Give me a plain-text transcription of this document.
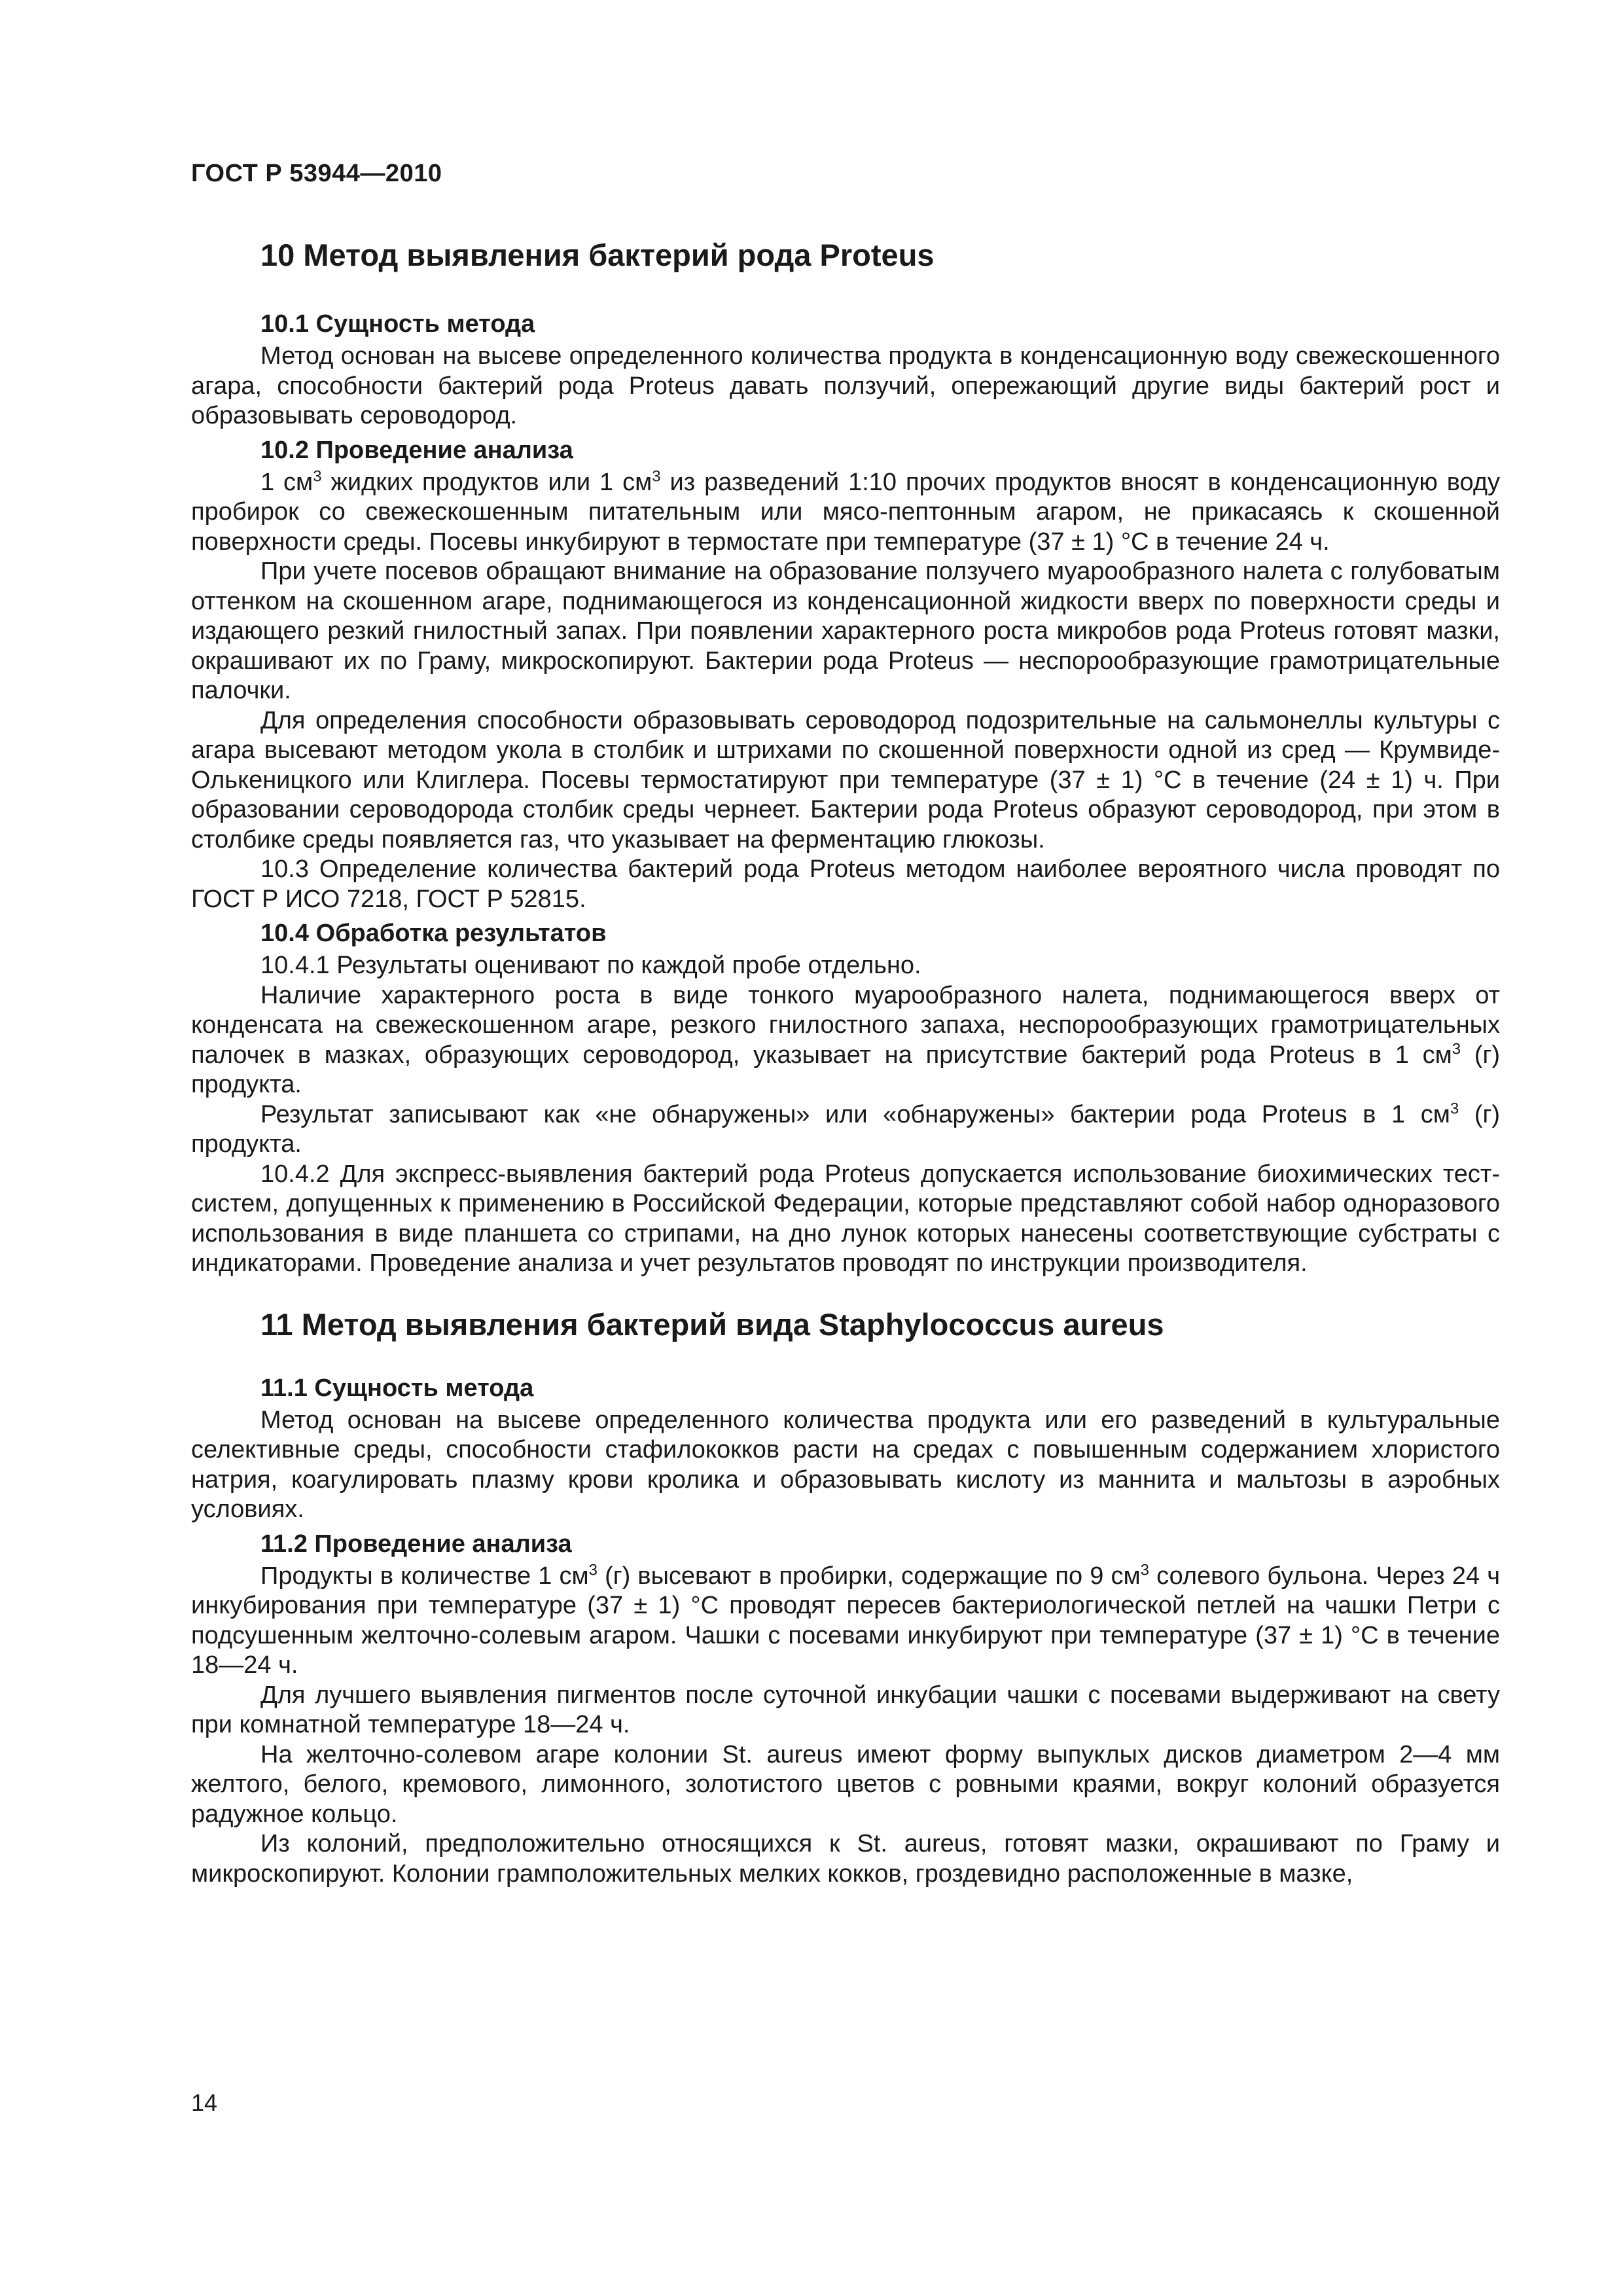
ГОСТ Р 53944—2010
10 Метод выявления бактерий рода Proteus
10.1 Сущность метода
Метод основан на высеве определенного количества продукта в конденсационную воду свежескошенного агара, способности бактерий рода Proteus давать ползучий, опережающий другие виды бактерий рост и образовывать сероводород.
10.2 Проведение анализа
1 $см^3$ жидких продуктов или 1 $см^3$ из разведений 1:10 прочих продуктов вносят в конденсационную воду пробирок со свежескошенным питательным или мясо-пептонным агаром, не прикасаясь к скошенной поверхности среды. Посевы инкубируют в термостате при температуре (37 ± 1) °С в течение 24 ч.
При учете посевов обращают внимание на образование ползучего муарообразного налета с голубоватым оттенком на скошенном агаре, поднимающегося из конденсационной жидкости вверх по поверхности среды и издающего резкий гнилостный запах. При появлении характерного роста микробов рода Proteus готовят мазки, окрашивают их по Граму, микроскопируют. Бактерии рода Proteus — неспорообразующие грамотрицательные палочки.
Для определения способности образовывать сероводород подозрительные на сальмонеллы культуры с агара высевают методом укола в столбик и штрихами по скошенной поверхности одной из сред — Крумвиде-Олькеницкого или Клиглера. Посевы термостатируют при температуре (37 ± 1) °С в течение (24 ± 1) ч. При образовании сероводорода столбик среды чернеет. Бактерии рода Proteus образуют сероводород, при этом в столбике среды появляется газ, что указывает на ферментацию глюкозы.
10.3 Определение количества бактерий рода Proteus методом наиболее вероятного числа проводят по ГОСТ Р ИСО 7218, ГОСТ Р 52815.
10.4 Обработка результатов
10.4.1 Результаты оценивают по каждой пробе отдельно.
Наличие характерного роста в виде тонкого муарообразного налета, поднимающегося вверх от конденсата на свежескошенном агаре, резкого гнилостного запаха, неспорообразующих грамотрицательных палочек в мазках, образующих сероводород, указывает на присутствие бактерий рода Proteus в 1 $см^3$ (г) продукта.
Результат записывают как «не обнаружены» или «обнаружены» бактерии рода Proteus в 1 $см^3$ (г) продукта.
10.4.2 Для экспресс-выявления бактерий рода Proteus допускается использование биохимических тест-систем, допущенных к применению в Российской Федерации, которые представляют собой набор одноразового использования в виде планшета со стрипами, на дно лунок которых нанесены соответствующие субстраты с индикаторами. Проведение анализа и учет результатов проводят по инструкции производителя.
11 Метод выявления бактерий вида Staphylococcus aureus
11.1 Сущность метода
Метод основан на высеве определенного количества продукта или его разведений в культуральные селективные среды, способности стафилококков расти на средах с повышенным содержанием хлористого натрия, коагулировать плазму крови кролика и образовывать кислоту из маннита и мальтозы в аэробных условиях.
11.2 Проведение анализа
Продукты в количестве 1 $см^3$ (г) высевают в пробирки, содержащие по 9 $см^3$ солевого бульона. Через 24 ч инкубирования при температуре (37 ± 1) °С проводят пересев бактериологической петлей на чашки Петри с подсушенным желточно-солевым агаром. Чашки с посевами инкубируют при температуре (37 ± 1) °С в течение 18—24 ч.
Для лучшего выявления пигментов после суточной инкубации чашки с посевами выдерживают на свету при комнатной температуре 18—24 ч.
На желточно-солевом агаре колонии St. aureus имеют форму выпуклых дисков диаметром 2—4 мм желтого, белого, кремового, лимонного, золотистого цветов с ровными краями, вокруг колоний образуется радужное кольцо.
Из колоний, предположительно относящихся к St. aureus, готовят мазки, окрашивают по Граму и микроскопируют. Колонии грамположительных мелких кокков, гроздевидно расположенные в мазке,
14
